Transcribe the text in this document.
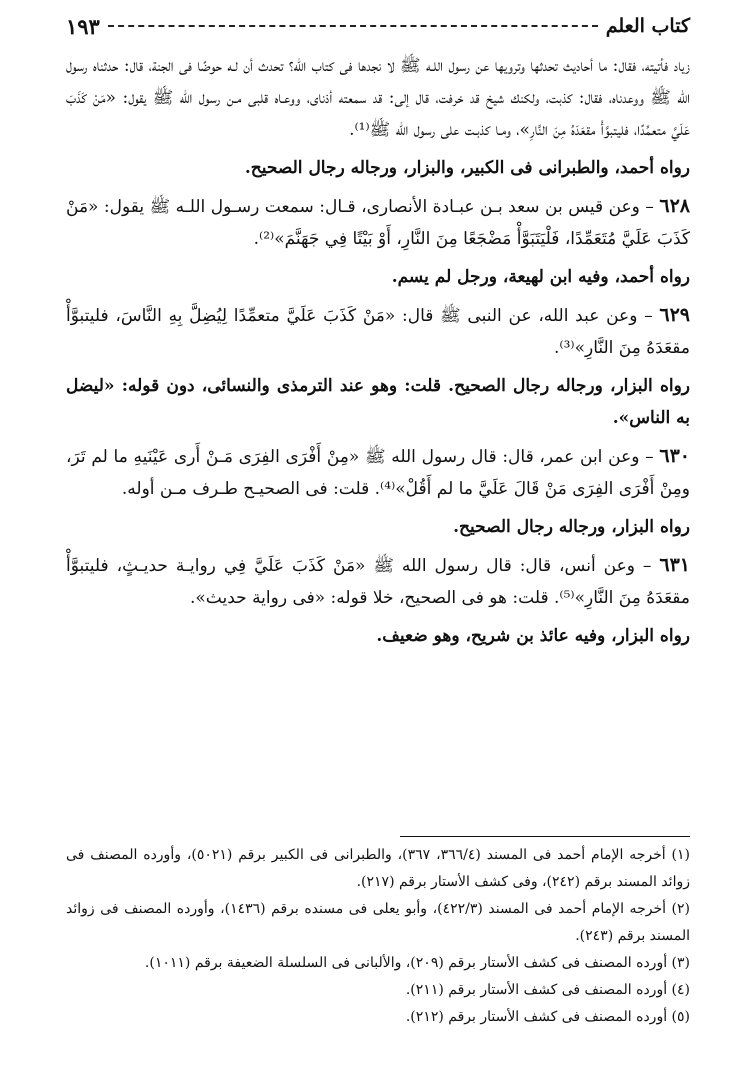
كتاب العلم
١٩٣

زياد فأتيته، فقال: ما أحاديث تحدثها وترويها عن رسول اللـه ﷺ لا نجدها فى كتاب الله؟ تحدث أن لـه حوضًا فى الجنة، قال: حدثناه رسول الله ﷺ ووعدناه، فقال: كذبت، ولكنك شيخ قد خرفت، قال إلى: قد سمعته أذناى، ووعـاه قلبى مـن رسول الله ﷺ يقول: «مَنْ كَذَبَ عَلَيَّ متعمِّدًا، فليتبوَّأْ مقعَدَهُ مِنَ النَّارِ»، ومـا كذبـت على رسول الله ﷺ⁽¹⁾.

رواه أحمد، والطبرانى فى الكبير، والبزار، ورجاله رجال الصحيح.

٦٢٨ – وعن قيس بن سعد بـن عبـادة الأنصارى، قـال: سمعت رسـول اللـه ﷺ يقول: «مَنْ كَذَبَ عَلَيَّ مُتَعَمِّدًا، فَلْيَتَبَوَّأْ مَضْجَعًا مِنَ النَّارِ، أَوْ بَيْتًا فِي جَهَنَّمَ»⁽²⁾.

رواه أحمد، وفيه ابن لهيعة، ورجل لم يسم.

٦٢٩ – وعن عبد الله، عن النبى ﷺ قال: «مَنْ كَذَبَ عَلَيَّ متعمِّدًا لِيُضِلَّ بِهِ النَّاسَ، فليتبوَّأْ مقعَدَهُ مِنَ النَّارِ»⁽³⁾.

رواه البزار، ورجاله رجال الصحيح. قلت: وهو عند الترمذى والنسائى، دون قوله: «ليضل به الناس».

٦٣٠ – وعن ابن عمر، قال: قال رسول الله ﷺ «مِنْ أَفْرَى الفِرَى مَـنْ أَرى عَيْنَيهِ ما لم تَرَ، ومِنْ أَفْرَى الفِرَى مَنْ قَالَ عَلَيَّ ما لم أَقُلْ»⁽⁴⁾. قلت: فى الصحيـح طـرف مـن أوله.

رواه البزار، ورجاله رجال الصحيح.

٦٣١ – وعن أنس، قال: قال رسول الله ﷺ «مَنْ كَذَبَ عَلَيَّ فِي روايـة حديـثٍ، فليتبوَّأْ مقعَدَهُ مِنَ النَّارِ»⁽⁵⁾. قلت: هو فى الصحيح، خلا قوله: «فى رواية حديث».

رواه البزار، وفيه عائذ بن شريح، وهو ضعيف.

(١) أخرجه الإمام أحمد فى المسند (٣٦٦/٤، ٣٦٧)، والطبرانى فى الكبير برقم (٥٠٢١)، وأورده المصنف فى زوائد المسند برقم (٢٤٢)، وفى كشف الأستار برقم (٢١٧).

(٢) أخرجه الإمام أحمد فى المسند (٤٢٢/٣)، وأبو يعلى فى مسنده برقم (١٤٣٦)، وأورده المصنف فى زوائد المسند برقم (٢٤٣).

(٣) أورده المصنف فى كشف الأستار برقم (٢٠٩)، والألبانى فى السلسلة الضعيفة برقم (١٠١١).

(٤) أورده المصنف فى كشف الأستار برقم (٢١١).

(٥) أورده المصنف فى كشف الأستار برقم (٢١٢).
